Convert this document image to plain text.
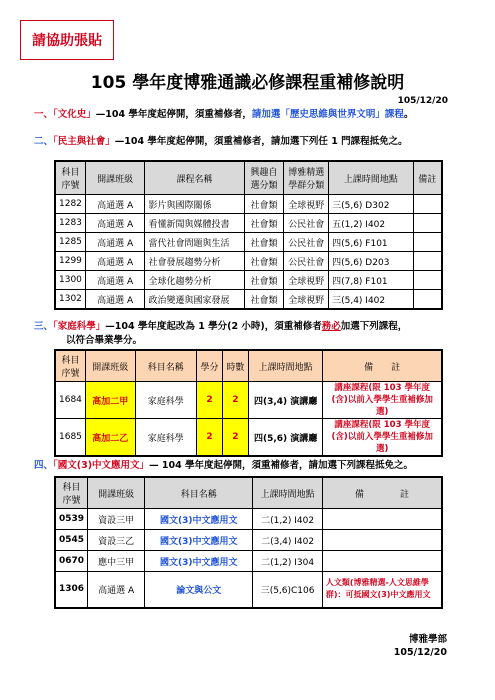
請協助張貼
105 學年度博雅通識必修課程重補修說明
105/12/20
一、「文化史」—104 學年度起停開，須重補修者，請加選「歷史思維與世界文明」課程。
二、「民主與社會」—104 學年度起停開，須重補修者，請加選下列任 1 門課程抵免之。
科目序號	開課班級	課程名稱	興趣自選分類	博雅精選學群分類	上課時間地點	備註
1282	高通選 A	影片與國際關係	社會類	全球視野	三(5,6) D302	
1283	高通選 A	看懂新聞與媒體投書	社會類	公民社會	五(1,2) I402	
1285	高通選 A	當代社會問題與生活	社會類	公民社會	四(5,6) F101	
1299	高通選 A	社會發展趨勢分析	社會類	公民社會	四(5,6) D203	
1300	高通選 A	全球化趨勢分析	社會類	全球視野	四(7,8) F101	
1302	高通選 A	政治變遷與國家發展	社會類	全球視野	三(5,4) I402	
三、「家庭科學」—104 學年度起改為 1 學分(2 小時)，須重補修者務必加選下列課程，
以符合畢業學分。
科目序號	開課班級	科目名稱	學分	時數	上課時間地點	備　　註
1684	高加二甲	家庭科學	2	2	四(3,4) 演講廳	講座課程(限 103 學年度(含)以前入學學生重補修加選)
1685	高加二乙	家庭科學	2	2	四(5,6) 演講廳	講座課程(限 103 學年度(含)以前入學學生重補修加選)
四、「國文(3)中文應用文」— 104 學年度起停開，須重補修者，請加選下列課程抵免之。
科目序號	開課班級	科目名稱	上課時間地點	備　　　　註
0539	資設三甲	國文(3)中文應用文	二(1,2) I402	
0545	資設三乙	國文(3)中文應用文	二(3,4) I402	
0670	應中三甲	國文(3)中文應用文	二(1,2) I304	
1306	高通選 A	論文與公文	三(5,6)C106	人文類(博雅精選-人文思維學群)：可抵國文(3)中文應用文
博雅學部
105/12/20
